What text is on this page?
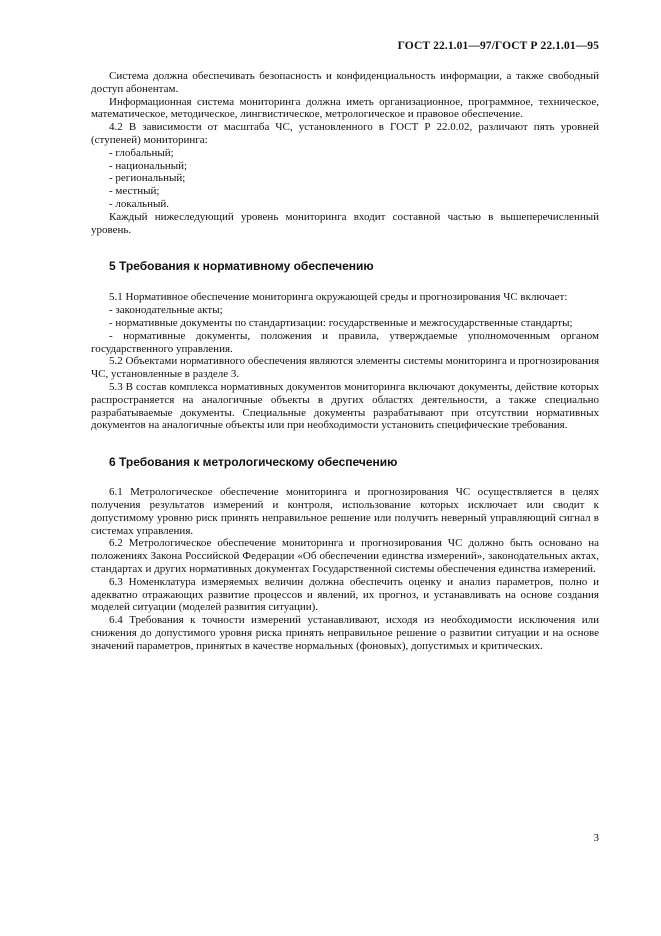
ГОСТ 22.1.01—97/ГОСТ Р 22.1.01—95

Система должна обеспечивать безопасность и конфиденциальность информации, а также свободный доступ абонентам.

Информационная система мониторинга должна иметь организационное, программное, техническое, математическое, методическое, лингвистическое, метрологическое и правовое обеспечение.

4.2 В зависимости от масштаба ЧС, установленного в ГОСТ Р 22.0.02, различают пять уровней (ступеней) мониторинга:

- глобальный;

- национальный;

- региональный;

- местный;

- локальный.

Каждый нижеследующий уровень мониторинга входит составной частью в вышеперечисленный уровень.

5 Требования к нормативному обеспечению

5.1 Нормативное обеспечение мониторинга окружающей среды и прогнозирования ЧС включает:

- законодательные акты;

- нормативные документы по стандартизации: государственные и межгосударственные стандарты;

- нормативные документы, положения и правила, утверждаемые уполномоченным органом государственного управления.

5.2 Объектами нормативного обеспечения являются элементы системы мониторинга и прогнозирования ЧС, установленные в разделе 3.

5.3 В состав комплекса нормативных документов мониторинга включают документы, действие которых распространяется на аналогичные объекты в других областях деятельности, а также специально разрабатываемые документы. Специальные документы разрабатывают при отсутствии нормативных документов на аналогичные объекты или при необходимости установить специфические требования.

6 Требования к метрологическому обеспечению

6.1 Метрологическое обеспечение мониторинга и прогнозирования ЧС осуществляется в целях получения результатов измерений и контроля, использование которых исключает или сводит к допустимому уровню риск принять неправильное решение или получить неверный управляющий сигнал в системах управления.

6.2 Метрологическое обеспечение мониторинга и прогнозирования ЧС должно быть основано на положениях Закона Российской Федерации «Об обеспечении единства измерений», законодательных актах, стандартах и других нормативных документах Государственной системы обеспечения единства измерений.

6.3 Номенклатура измеряемых величин должна обеспечить оценку и анализ параметров, полно и адекватно отражающих развитие процессов и явлений, их прогноз, и устанавливать на основе создания моделей ситуации (моделей развития ситуации).

6.4 Требования к точности измерений устанавливают, исходя из необходимости исключения или снижения до допустимого уровня риска принять неправильное решение о развитии ситуации и на основе значений параметров, принятых в качестве нормальных (фоновых), допустимых и критических.

3
